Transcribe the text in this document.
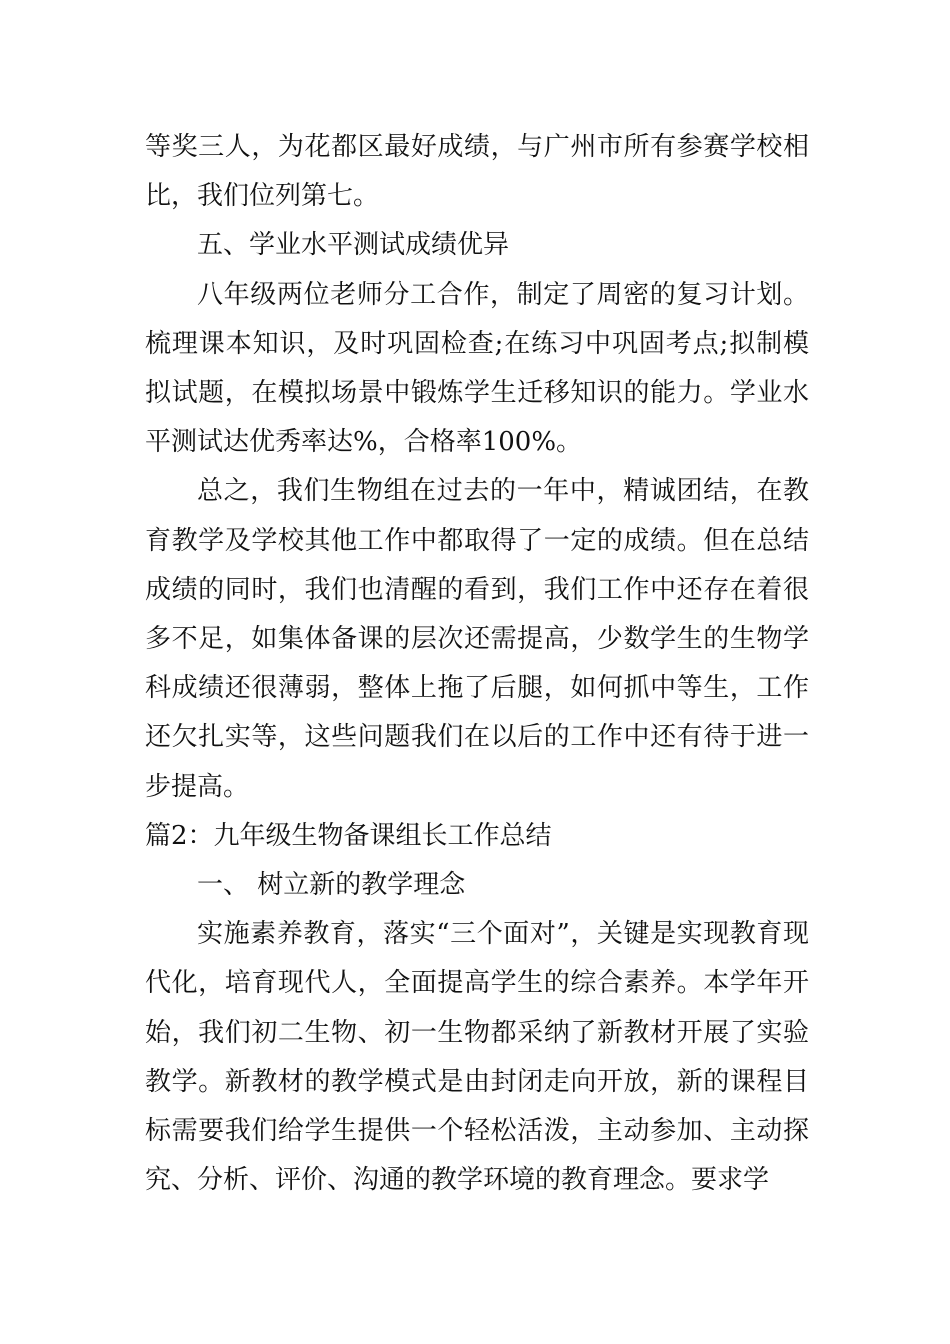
等奖三人，为花都区最好成绩，与广州市所有参赛学校相比，我们位列第七。

五、学业水平测试成绩优异

八年级两位老师分工合作，制定了周密的复习计划。梳理课本知识，及时巩固检查;在练习中巩固考点;拟制模拟试题，在模拟场景中锻炼学生迁移知识的能力。学业水平测试达优秀率达%，合格率100%。

总之，我们生物组在过去的一年中，精诚团结，在教育教学及学校其他工作中都取得了一定的成绩。但在总结成绩的同时，我们也清醒的看到，我们工作中还存在着很多不足，如集体备课的层次还需提高，少数学生的生物学科成绩还很薄弱，整体上拖了后腿，如何抓中等生，工作还欠扎实等，这些问题我们在以后的工作中还有待于进一步提高。

篇2：九年级生物备课组长工作总结

一、 树立新的教学理念

实施素养教育，落实“三个面对”，关键是实现教育现代化，培育现代人，全面提高学生的综合素养。本学年开始，我们初二生物、初一生物都采纳了新教材开展了实验教学。新教材的教学模式是由封闭走向开放，新的课程目标需要我们给学生提供一个轻松活泼，主动参加、主动探究、分析、评价、沟通的教学环境的教育理念。要求学
